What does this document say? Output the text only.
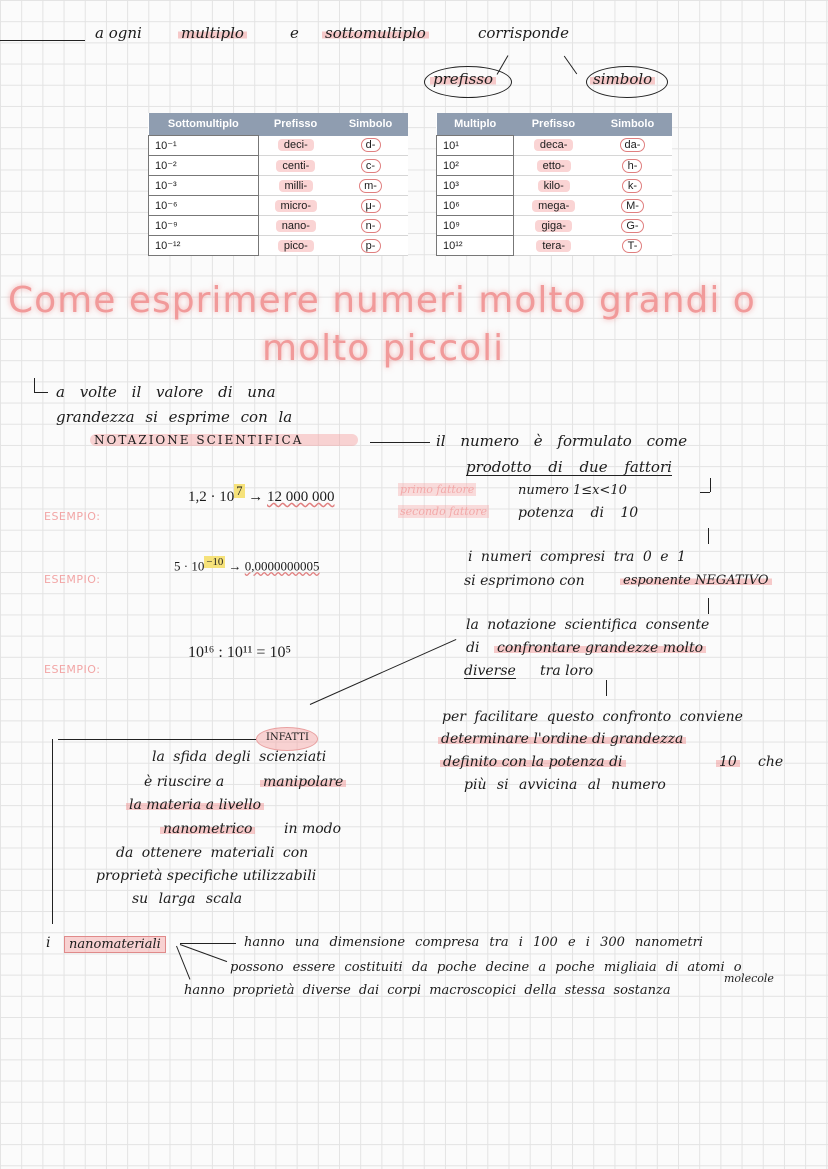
a ogni	multiplo	e sottomultiplo	corrisponde
prefisso	simbolo
Sottomultiplo	Prefisso	Simbolo
10⁻¹	deci-	d-
10⁻²	centi-	c-
10⁻³	milli-	m-
10⁻⁶	micro-	μ-
10⁻⁹	nano-	n-
10⁻¹²	pico-	p-
Multiplo	Prefisso	Simbolo
10¹	deca-	da-
10²	etto-	h-
10³	kilo-	k-
10⁶	mega-	M-
10⁹	giga-	G-
10¹²	tera-	T-
Come esprimere numeri molto grandi o
molto piccoli
a volte il valore di una
grandezza si esprime con la
NOTAZIONE SCIENTIFICA	il numero è formulato come
prodotto di due fattori
primo fattore	numero 1≤x<10
secondo fattore potenza di 10
i numeri compresi tra 0 e 1
si esprimono con	esponente NEGATIVO
la notazione scientifica consente
di confrontare grandezze molto
diverse tra loro
per facilitare questo confronto conviene
determinare l'ordine di grandezza
definito con la potenza di	10 che
più si avvicina al numero
ESEMPIO:
1,2 · 10 $^7$ → 12 000 000
ESEMPIO:
5 · 10 $^{-10}$ → 0,0000000005
ESEMPIO:
10¹⁶ : 10¹¹ = 10⁵
INFATTI
la sfida degli scienziati
è riuscire a	manipolare
la materia a livello
nanometrico in modo
da ottenere materiali con
proprietà specifiche utilizzabili
su larga scala
i	nanomateriali	hanno una dimensione compresa tra i 100 e i 300 nanometri
possono essere costituiti da poche decine a poche migliaia di atomi o
molecole
hanno proprietà diverse dai corpi macroscopici della stessa sostanza
